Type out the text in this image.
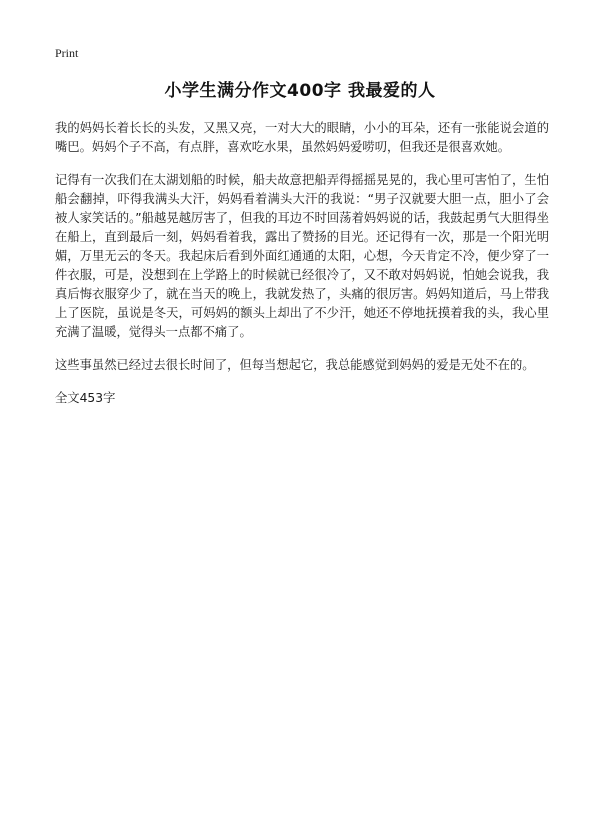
Print
小学生满分作文400字 我最爱的人

我的妈妈长着长长的头发，又黑又亮，一对大大的眼睛，小小的耳朵，还有一张能说会道的嘴巴。妈妈个子不高，有点胖，喜欢吃水果，虽然妈妈爱唠叨，但我还是很喜欢她。

记得有一次我们在太湖划船的时候，船夫故意把船弄得摇摇晃晃的，我心里可害怕了，生怕船会翻掉，吓得我满头大汗，妈妈看着满头大汗的我说：“男子汉就要大胆一点，胆小了会被人家笑话的。”船越晃越厉害了，但我的耳边不时回荡着妈妈说的话，我鼓起勇气大胆得坐在船上，直到最后一刻，妈妈看着我，露出了赞扬的目光。还记得有一次，那是一个阳光明媚，万里无云的冬天。我起床后看到外面红通通的太阳，心想，今天肯定不冷，便少穿了一件衣服，可是，没想到在上学路上的时候就已经很冷了，又不敢对妈妈说，怕她会说我，我真后悔衣服穿少了，就在当天的晚上，我就发热了，头痛的很厉害。妈妈知道后，马上带我上了医院，虽说是冬天，可妈妈的额头上却出了不少汗，她还不停地抚摸着我的头，我心里充满了温暖，觉得头一点都不痛了。

这些事虽然已经过去很长时间了，但每当想起它，我总能感觉到妈妈的爱是无处不在的。

全文453字
